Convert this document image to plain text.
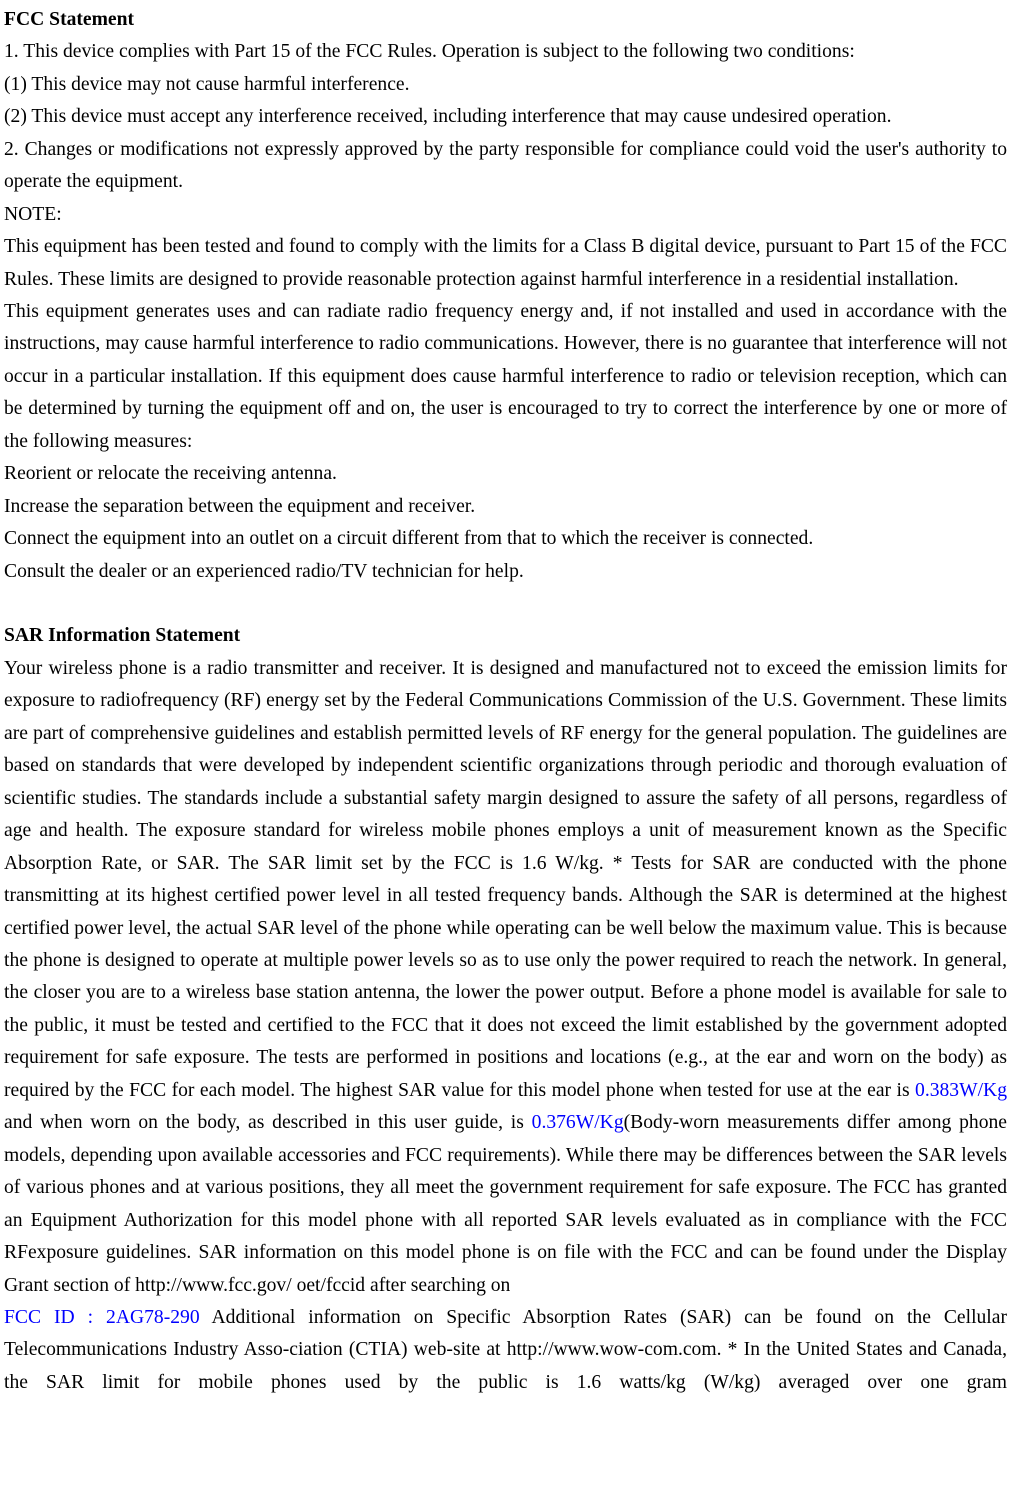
FCC Statement
1. This device complies with Part 15 of the FCC Rules. Operation is subject to the following two conditions:
(1) This device may not cause harmful interference.
(2) This device must accept any interference received, including interference that may cause undesired operation.

2. Changes or modifications not expressly approved by the party responsible for compliance could void the user's authority to operate the equipment.

NOTE:

This equipment has been tested and found to comply with the limits for a Class B digital device, pursuant to Part 15 of the FCC Rules. These limits are designed to provide reasonable protection against harmful interference in a residential installation.

This equipment generates uses and can radiate radio frequency energy and, if not installed and used in accordance with the instructions, may cause harmful interference to radio communications. However, there is no guarantee that interference will not occur in a particular installation. If this equipment does cause harmful interference to radio or television reception, which can be determined by turning the equipment off and on, the user is encouraged to try to correct the interference by one or more of the following measures:

Reorient or relocate the receiving antenna.
Increase the separation between the equipment and receiver.
Connect the equipment into an outlet on a circuit different from that to which the receiver is connected.
Consult the dealer or an experienced radio/TV technician for help.
SAR Information Statement

Your wireless phone is a radio transmitter and receiver. It is designed and manufactured not to exceed the emission limits for exposure to radiofrequency (RF) energy set by the Federal Communications Commission of the U.S. Government. These limits are part of comprehensive guidelines and establish permitted levels of RF energy for the general population. The guidelines are based on standards that were developed by independent scientific organizations through periodic and thorough evaluation of scientific studies. The standards include a substantial safety margin designed to assure the safety of all persons, regardless of age and health. The exposure standard for wireless mobile phones employs a unit of measurement known as the Specific Absorption Rate, or SAR. The SAR limit set by the FCC is 1.6 W/kg. * Tests for SAR are conducted with the phone transmitting at its highest certified power level in all tested frequency bands. Although the SAR is determined at the highest certified power level, the actual SAR level of the phone while operating can be well below the maximum value. This is because the phone is designed to operate at multiple power levels so as to use only the power required to reach the network. In general, the closer you are to a wireless base station antenna, the lower the power output. Before a phone model is available for sale to the public, it must be tested and certified to the FCC that it does not exceed the limit established by the government adopted requirement for safe exposure. The tests are performed in positions and locations (e.g., at the ear and worn on the body) as required by the FCC for each model. The highest SAR value for this model phone when tested for use at the ear is 0.383W/Kg and when worn on the body, as described in this user guide, is 0.376W/Kg(Body-worn measurements differ among phone models, depending upon available accessories and FCC requirements). While there may be differences between the SAR levels of various phones and at various positions, they all meet the government requirement for safe exposure. The FCC has granted an Equipment Authorization for this model phone with all reported SAR levels evaluated as in compliance with the FCC RFexposure guidelines. SAR information on this model phone is on file with the FCC and can be found under the Display Grant section of http://www.fcc.gov/ oet/fccid after searching on

FCC ID : 2AG78-290 Additional information on Specific Absorption Rates (SAR) can be found on the Cellular Telecommunications Industry Asso-ciation (CTIA) web-site at http://www.wow-com.com. * In the United States and Canada, the SAR limit for mobile phones used by the public is 1.6 watts/kg (W/kg) averaged over one gram
